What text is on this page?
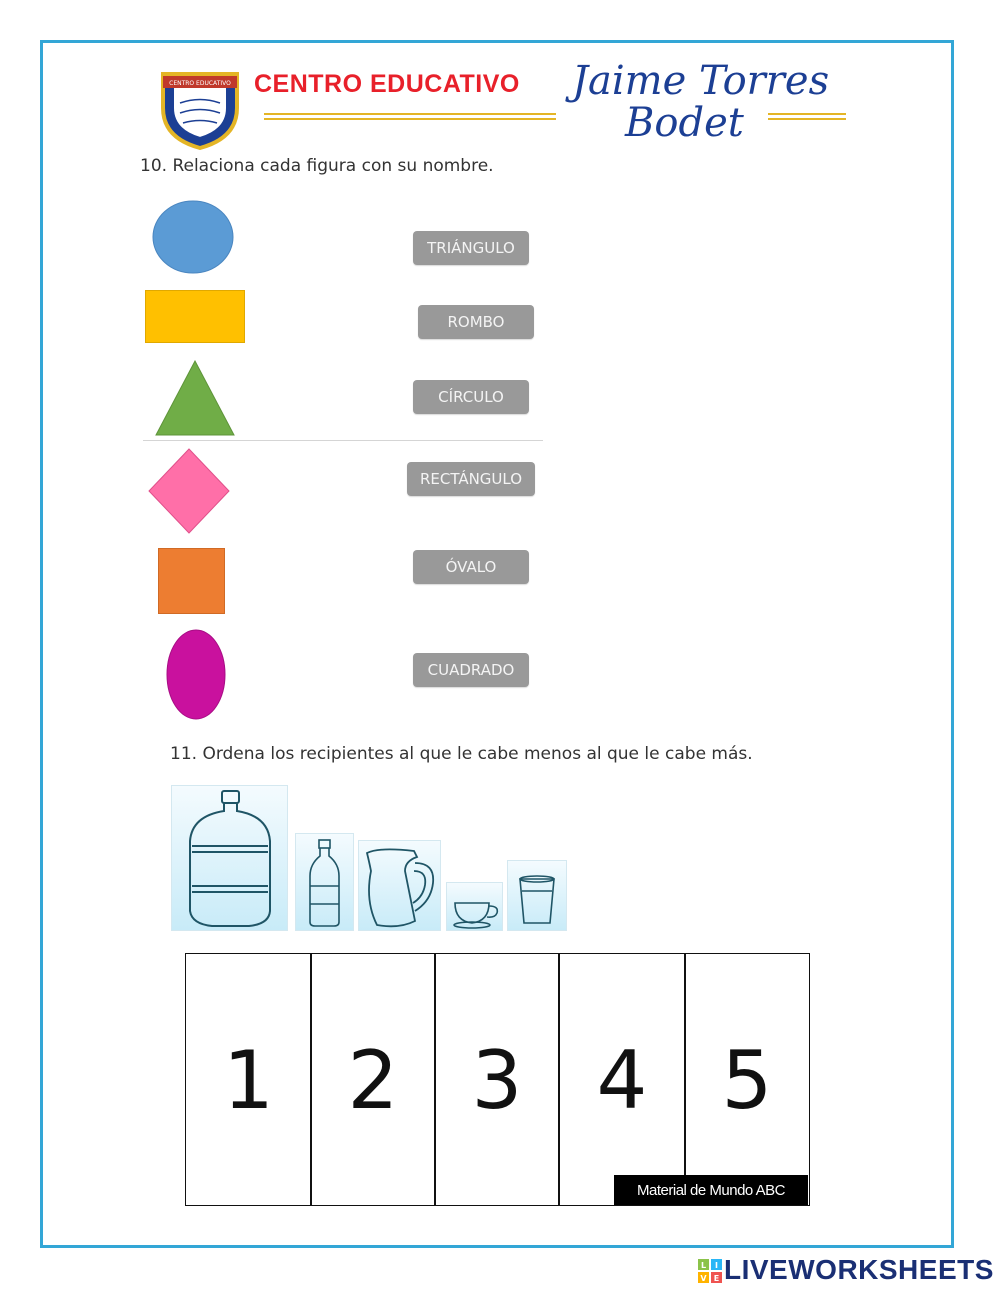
CENTRO EDUCATIVO CENTRO EDUCATIVO Jaime Torres
Bodet
10. Relaciona cada figura con su nombre.
TRIÁNGULO
ROMBO
CÍRCULO
RECTÁNGULO
ÓVALO
CUADRADO
11. Ordena los recipientes al que le cabe menos al que le cabe más.
1 2 3 4 5
Material de Mundo ABC
L I
V E LIVEWORKSHEETS
